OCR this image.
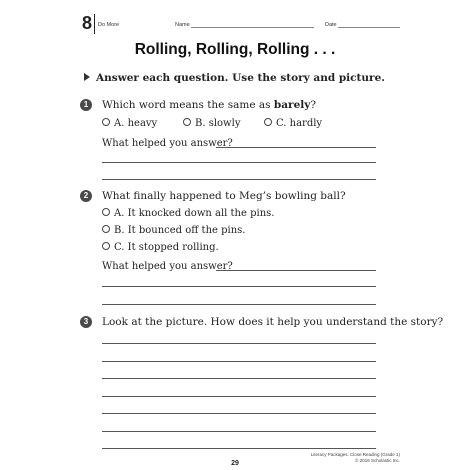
8 Do More	Name	Date
Rolling, Rolling, Rolling . . .
Answer each question. Use the story and picture.
1	Which word means the same as barely?
A. heavy	B. slowly	C. hardly
What helped you answer?
2	What finally happened to Meg’s bowling ball?
A. It knocked down all the pins.
B. It bounced off the pins.
C. It stopped rolling.
What helped you answer?
3	Look at the picture. How does it help you understand the story?
Literacy Packages: Close Reading (Grade 1)
© 2016 Scholastic Inc.
29
